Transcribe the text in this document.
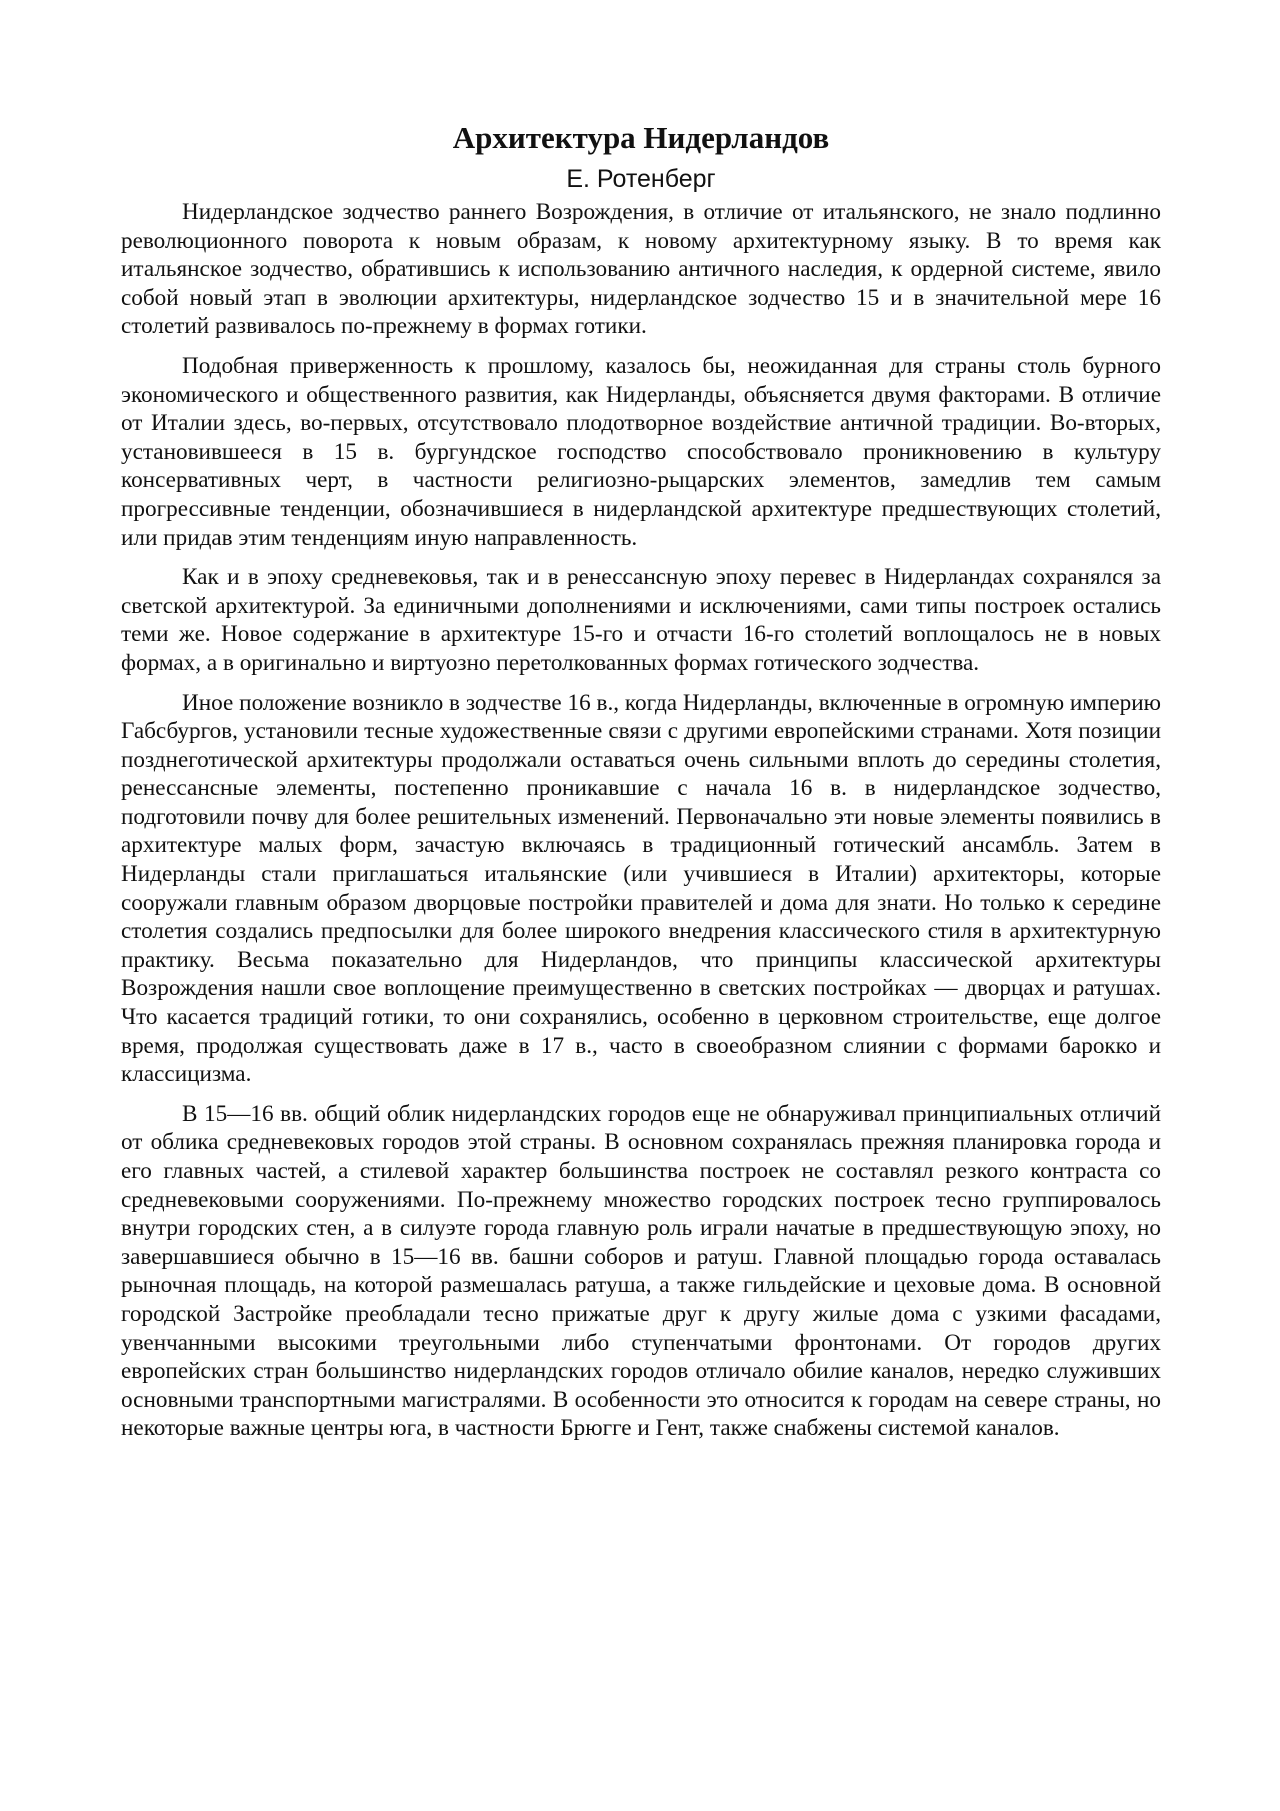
Архитектура Нидерландов
Е. Ротенберг

Нидерландское зодчество раннего Возрождения, в отличие от итальянского, не знало подлинно революционного поворота к новым образам, к новому архитектурному языку. В то время как итальянское зодчество, обратившись к использованию античного наследия, к ордерной системе, явило собой новый этап в эволюции архитектуры, нидерландское зодчество 15 и в значительной мере 16 столетий развивалось по-прежнему в формах готики.

Подобная приверженность к прошлому, казалось бы, неожиданная для страны столь бурного экономического и общественного развития, как Нидерланды, объясняется двумя факторами. В отличие от Италии здесь, во-первых, отсутствовало плодотворное воздействие античной традиции. Во-вторых, установившееся в 15 в. бургундское господство способствовало проникновению в культуру консервативных черт, в частности религиозно-рыцарских элементов, замедлив тем самым прогрессивные тенденции, обозначившиеся в нидерландской архитектуре предшествующих столетий, или придав этим тенденциям иную направленность.

Как и в эпоху средневековья, так и в ренессансную эпоху перевес в Нидерландах сохранялся за светской архитектурой. За единичными дополнениями и исключениями, сами типы построек остались теми же. Новое содержание в архитектуре 15-го и отчасти 16-го столетий воплощалось не в новых формах, а в оригинально и виртуозно перетолкованных формах готического зодчества.

Иное положение возникло в зодчестве 16 в., когда Нидерланды, включенные в огромную империю Габсбургов, установили тесные художественные связи с другими европейскими странами. Хотя позиции позднеготической архитектуры продолжали оставаться очень сильными вплоть до середины столетия, ренессансные элементы, постепенно проникавшие с начала 16 в. в нидерландское зодчество, подготовили почву для более решительных изменений. Первоначально эти новые элементы появились в архитектуре малых форм, зачастую включаясь в традиционный готический ансамбль. Затем в Нидерланды стали приглашаться итальянские (или учившиеся в Италии) архитекторы, которые сооружали главным образом дворцовые постройки правителей и дома для знати. Но только к середине столетия создались предпосылки для более широкого внедрения классического стиля в архитектурную практику. Весьма показательно для Нидерландов, что принципы классической архитектуры Возрождения нашли свое воплощение преимущественно в светских постройках — дворцах и ратушах. Что касается традиций готики, то они сохранялись, особенно в церковном строительстве, еще долгое время, продолжая существовать даже в 17 в., часто в своеобразном слиянии с формами барокко и классицизма.

В 15—16 вв. общий облик нидерландских городов еще не обнаруживал принципиальных отличий от облика средневековых городов этой страны. В основном сохранялась прежняя планировка города и его главных частей, а стилевой характер большинства построек не составлял резкого контраста со средневековыми сооружениями. По-прежнему множество городских построек тесно группировалось внутри городских стен, а в силуэте города главную роль играли начатые в предшествующую эпоху, но завершавшиеся обычно в 15—16 вв. башни соборов и ратуш. Главной площадью города оставалась рыночная площадь, на которой размешалась ратуша, а также гильдейские и цеховые дома. В основной городской Застройке преобладали тесно прижатые друг к другу жилые дома с узкими фасадами, увенчанными высокими треугольными либо ступенчатыми фронтонами. От городов других европейских стран большинство нидерландских городов отличало обилие каналов, нередко служивших основными транспортными магистралями. В особенности это относится к городам на севере страны, но некоторые важные центры юга, в частности Брюгге и Гент, также снабжены системой каналов.
